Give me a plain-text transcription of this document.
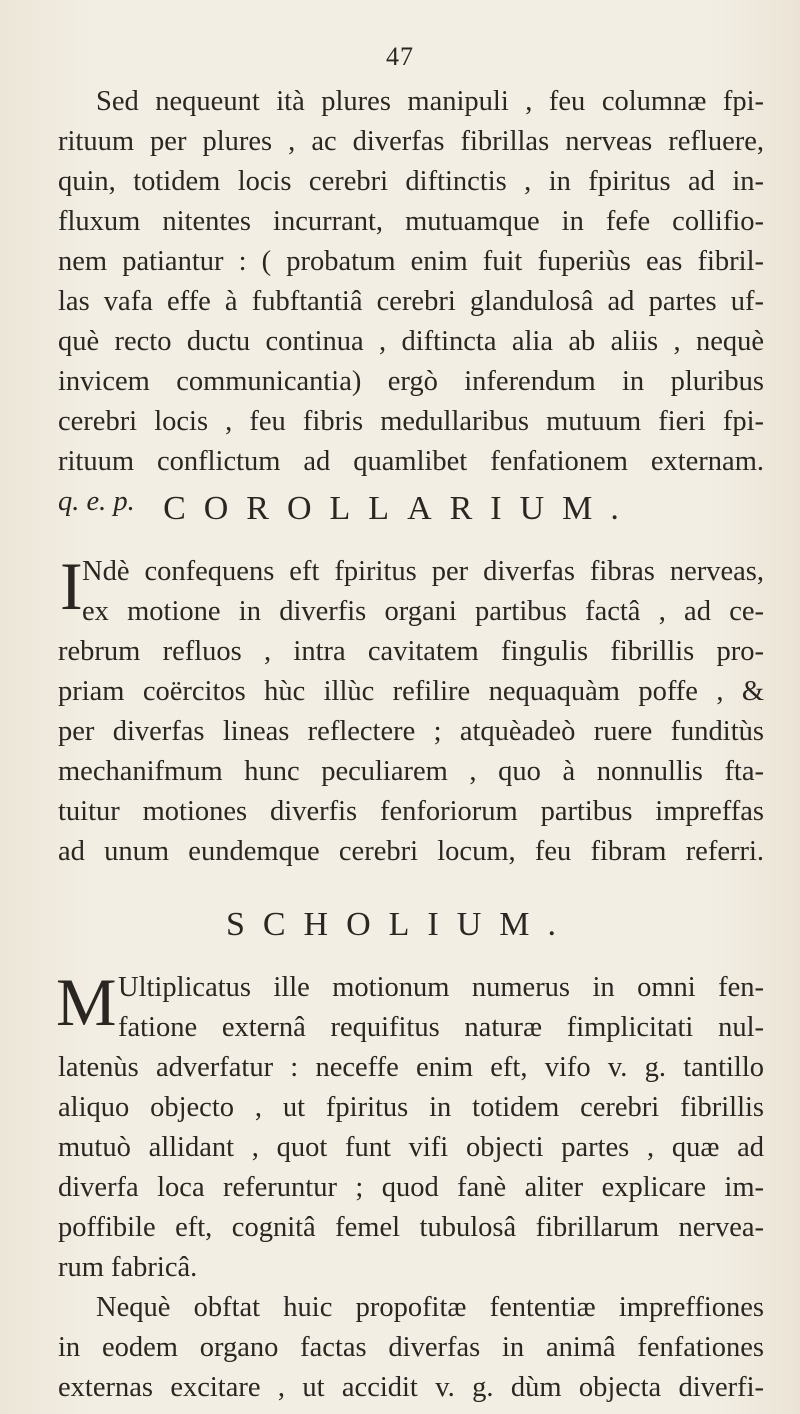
47
Sed nequeunt ità plures manipuli , feu columnæ fpi-
rituum per plures , ac diverfas fibrillas nerveas refluere,
quin, totidem locis cerebri diftinctis , in fpiritus ad in-
fluxum nitentes incurrant, mutuamque in fefe collifio-
nem patiantur : ( probatum enim fuit fuperiùs eas fibril-
las vafa effe à fubftantiâ cerebri glandulosâ ad partes uf-
què recto ductu continua , diftincta alia ab aliis , nequè
invicem communicantia) ergò inferendum in pluribus
cerebri locis , feu fibris medullaribus mutuum fieri fpi-
rituum conflictum ad quamlibet fenfationem externam.
q. e. p. COROLLARIUM.
I Ndè confequens eft fpiritus per diverfas fibras nerveas,
ex motione in diverfis organi partibus factâ , ad ce-
rebrum refluos , intra cavitatem fingulis fibrillis pro-
priam coërcitos hùc illùc refilire nequaquàm poffe , &
per diverfas lineas reflectere ; atquèadeò ruere funditùs
mechanifmum hunc peculiarem , quo à nonnullis fta-
tuitur motiones diverfis fenforiorum partibus impreffas
ad unum eundemque cerebri locum, feu fibram referri.
SCHOLIUM.
M Ultiplicatus ille motionum numerus in omni fen-
fatione externâ requifitus naturæ fimplicitati nul-
latenùs adverfatur : neceffe enim eft, vifo v. g. tantillo
aliquo objecto , ut fpiritus in totidem cerebri fibrillis
mutuò allidant , quot funt vifi objecti partes , quæ ad
diverfa loca referuntur ; quod fanè aliter explicare im-
poffibile eft, cognitâ femel tubulosâ fibrillarum nervea-
rum fabricâ.
Nequè obftat huic propofitæ fententiæ impreffiones
in eodem organo factas diverfas in animâ fenfationes
externas excitare , ut accidit v. g. dùm objecta diverfi-
